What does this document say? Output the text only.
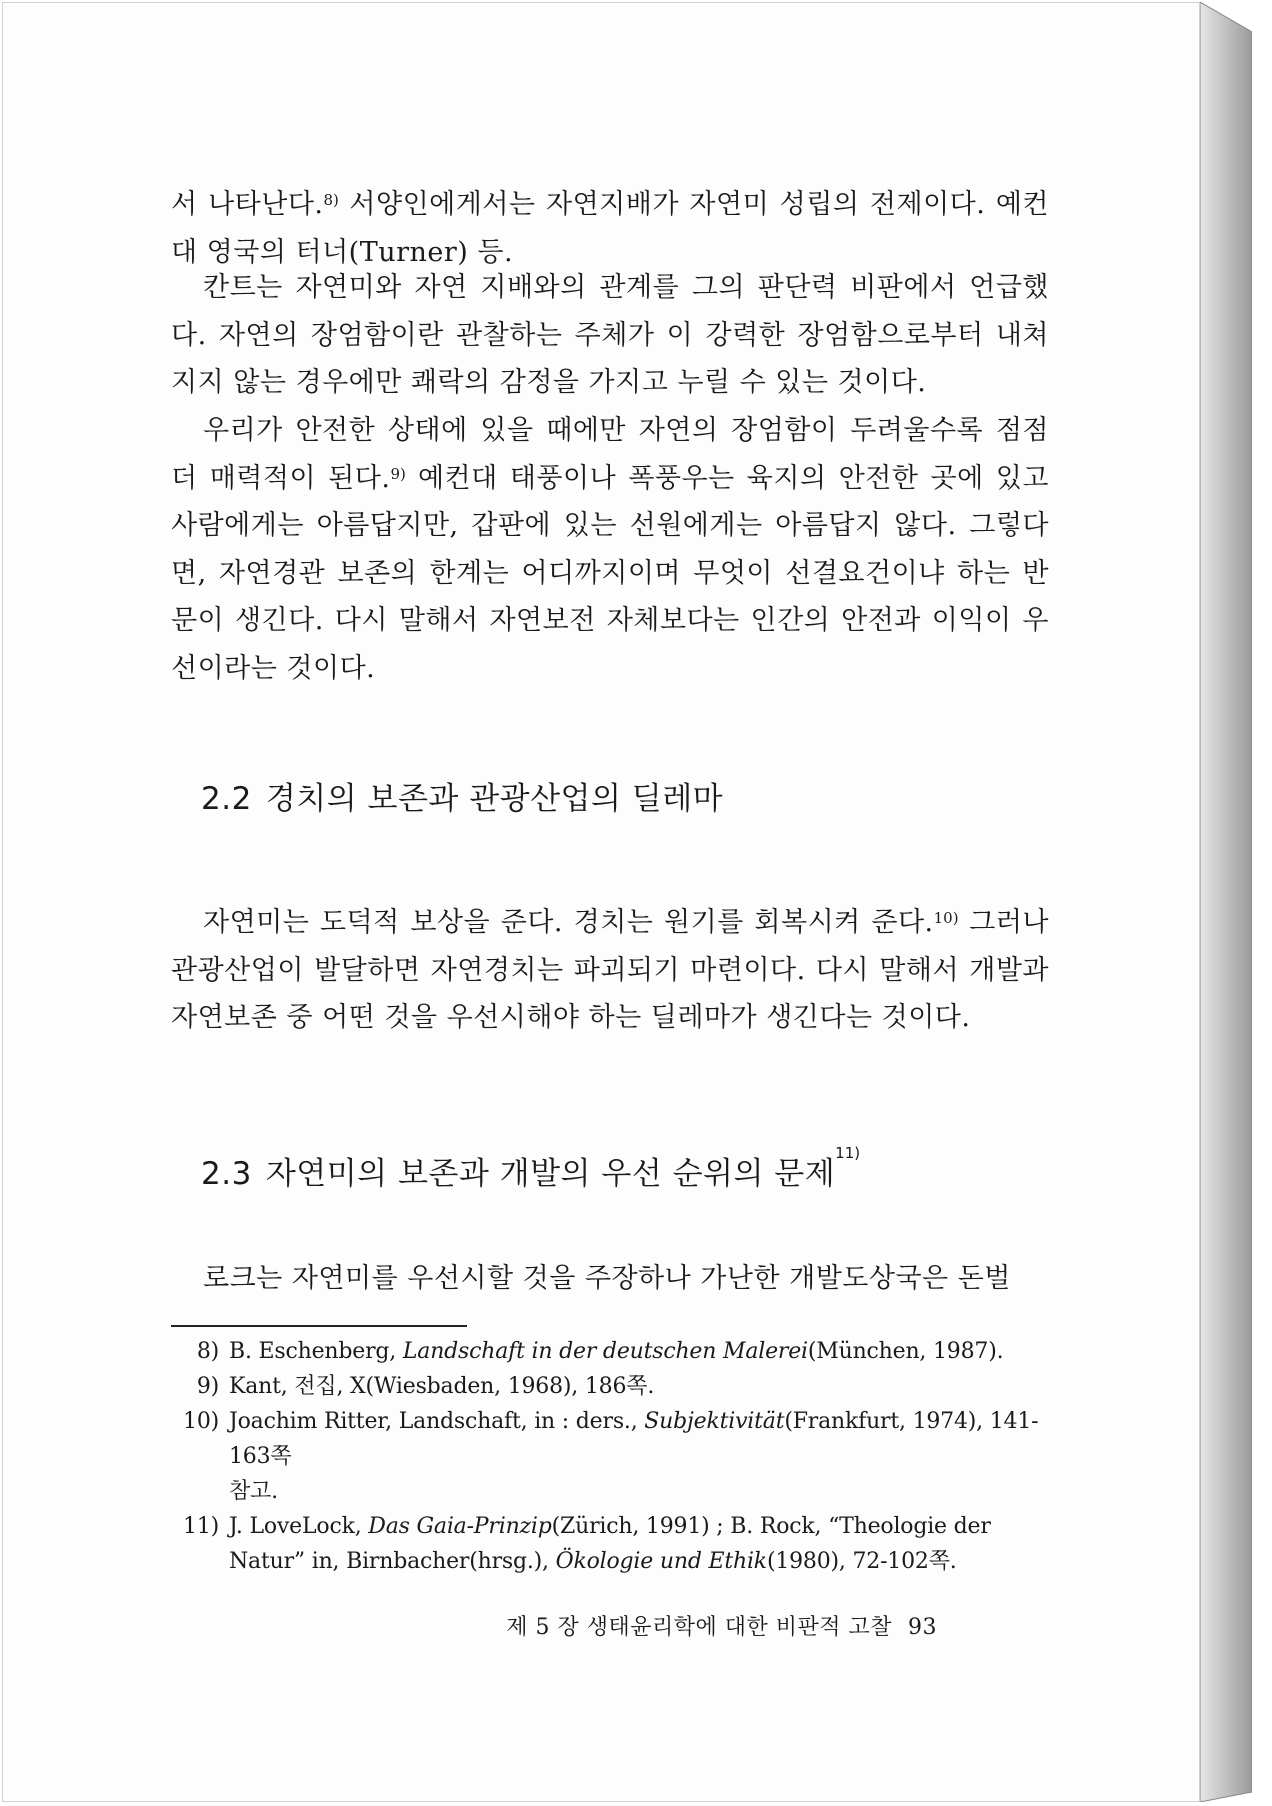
서 나타난다.$^{8)}$ 서양인에게서는 자연지배가 자연미 성립의 전제이다. 예컨대 영국의 터너(Turner) 등.

칸트는 자연미와 자연 지배와의 관계를 그의 판단력 비판에서 언급했다. 자연의 장엄함이란 관찰하는 주체가 이 강력한 장엄함으로부터 내쳐지지 않는 경우에만 쾌락의 감정을 가지고 누릴 수 있는 것이다.

우리가 안전한 상태에 있을 때에만 자연의 장엄함이 두려울수록 점점 더 매력적이 된다.$^{9)}$ 예컨대 태풍이나 폭풍우는 육지의 안전한 곳에 있고 사람에게는 아름답지만, 갑판에 있는 선원에게는 아름답지 않다. 그렇다면, 자연경관 보존의 한계는 어디까지이며 무엇이 선결요건이냐 하는 반문이 생긴다. 다시 말해서 자연보전 자체보다는 인간의 안전과 이익이 우선이라는 것이다.

2.2 경치의 보존과 관광산업의 딜레마

자연미는 도덕적 보상을 준다. 경치는 원기를 회복시켜 준다.$^{10)}$ 그러나 관광산업이 발달하면 자연경치는 파괴되기 마련이다. 다시 말해서 개발과 자연보존 중 어떤 것을 우선시해야 하는 딜레마가 생긴다는 것이다.

2.3 자연미의 보존과 개발의 우선 순위의 문제$^{11)}$

로크는 자연미를 우선시할 것을 주장하나 가난한 개발도상국은 돈벌

8) B. Eschenberg, Landschaft in der deutschen Malerei(München, 1987).
9) Kant, 전집, X(Wiesbaden, 1968), 186쪽.
10) Joachim Ritter, Landschaft, in : ders., Subjektivität(Frankfurt, 1974), 141-163쪽
참고.
11) J. LoveLock, Das Gaia-Prinzip(Zürich, 1991) ; B. Rock, “Theologie der Natur” in, Birnbacher(hrsg.), Ökologie und Ethik(1980), 72-102쪽.
제 5 장 생태윤리학에 대한 비판적 고찰 93
